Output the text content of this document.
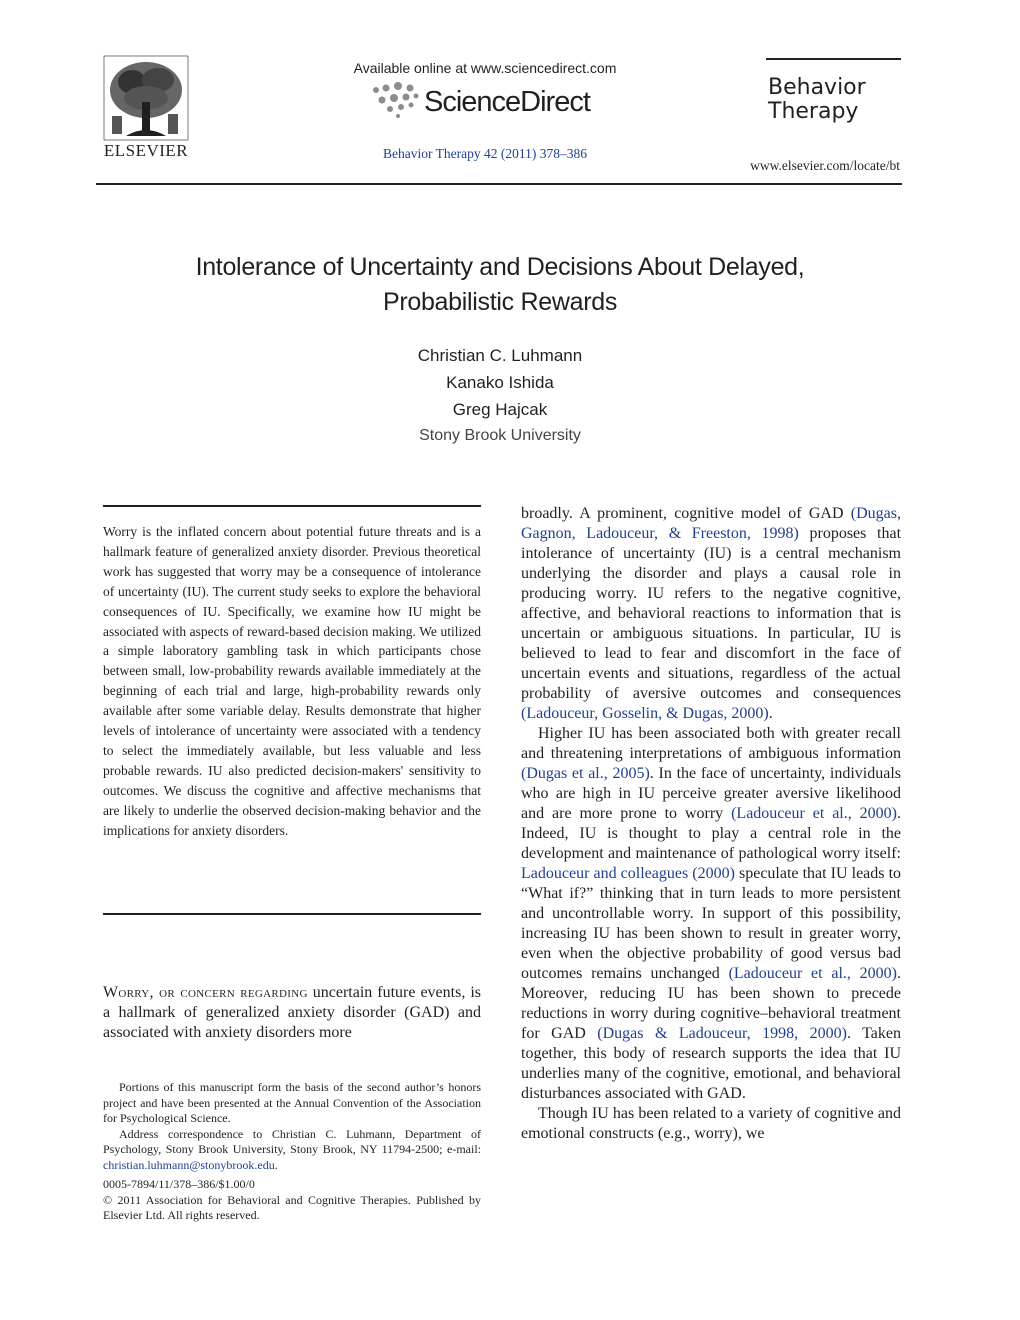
ELSEVIER
Available online at www.sciencedirect.com
ScienceDirect
Behavior Therapy 42 (2011) 378–386
Behavior
Therapy
www.elsevier.com/locate/bt
Intolerance of Uncertainty and Decisions About Delayed,
Probabilistic Rewards
Christian C. Luhmann
Kanako Ishida
Greg Hajcak
Stony Brook University
Worry is the inflated concern about potential future threats and is a hallmark feature of generalized anxiety disorder. Previous theoretical work has suggested that worry may be a consequence of intolerance of uncertainty (IU). The current study seeks to explore the behavioral consequences of IU. Specifically, we examine how IU might be associated with aspects of reward-based decision making. We utilized a simple laboratory gambling task in which participants chose between small, low-probability rewards available immediately at the beginning of each trial and large, high-probability rewards only available after some variable delay. Results demonstrate that higher levels of intolerance of uncertainty were associated with a tendency to select the immediately available, but less valuable and less probable rewards. IU also predicted decision-makers' sensitivity to outcomes. We discuss the cognitive and affective mechanisms that are likely to underlie the observed decision-making behavior and the implications for anxiety disorders.
Worry, or concern regarding uncertain future events, is a hallmark of generalized anxiety disorder (GAD) and associated with anxiety disorders more

Portions of this manuscript form the basis of the second author’s honors project and have been presented at the Annual Convention of the Association for Psychological Science.

Address correspondence to Christian C. Luhmann, Department of Psychology, Stony Brook University, Stony Brook, NY 11794-2500; e-mail: christian.luhmann@stonybrook.edu.

0005-7894/11/378–386/$1.00/0

© 2011 Association for Behavioral and Cognitive Therapies. Published by Elsevier Ltd. All rights reserved.

broadly. A prominent, cognitive model of GAD (Dugas, Gagnon, Ladouceur, & Freeston, 1998) proposes that intolerance of uncertainty (IU) is a central mechanism underlying the disorder and plays a causal role in producing worry. IU refers to the negative cognitive, affective, and behavioral reactions to information that is uncertain or ambiguous situations. In particular, IU is believed to lead to fear and discomfort in the face of uncertain events and situations, regardless of the actual probability of aversive outcomes and consequences (Ladouceur, Gosselin, & Dugas, 2000).

Higher IU has been associated both with greater recall and threatening interpretations of ambiguous information (Dugas et al., 2005). In the face of uncertainty, individuals who are high in IU perceive greater aversive likelihood and are more prone to worry (Ladouceur et al., 2000). Indeed, IU is thought to play a central role in the development and maintenance of pathological worry itself: Ladouceur and colleagues (2000) speculate that IU leads to “What if?” thinking that in turn leads to more persistent and uncontrollable worry. In support of this possibility, increasing IU has been shown to result in greater worry, even when the objective probability of good versus bad outcomes remains unchanged (Ladouceur et al., 2000). Moreover, reducing IU has been shown to precede reductions in worry during cognitive–behavioral treatment for GAD (Dugas & Ladouceur, 1998, 2000). Taken together, this body of research supports the idea that IU underlies many of the cognitive, emotional, and behavioral disturbances associated with GAD.

Though IU has been related to a variety of cognitive and emotional constructs (e.g., worry), we
